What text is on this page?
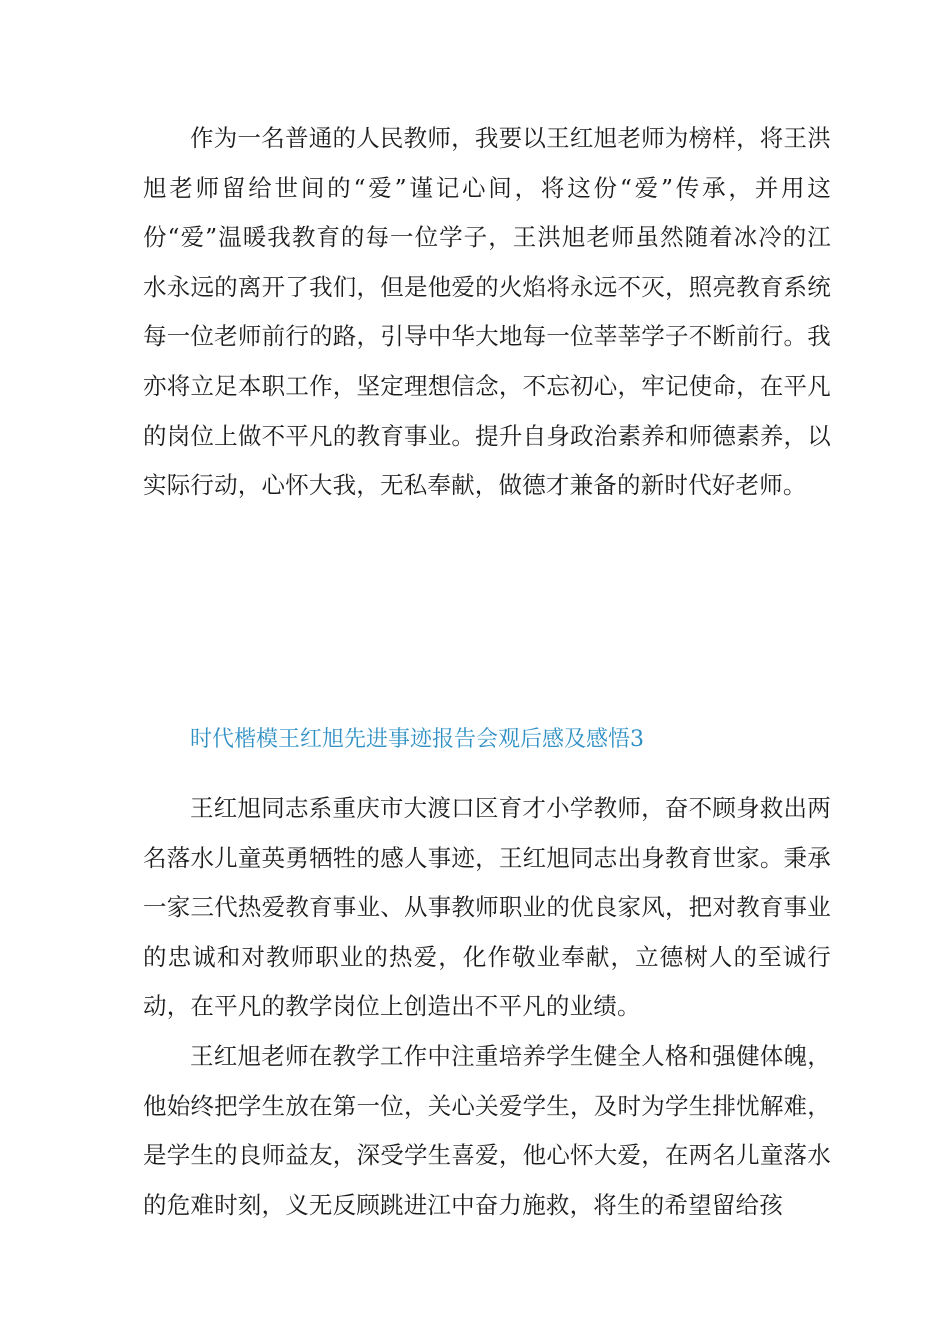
作为一名普通的人民教师，我要以王红旭老师为榜样，将王洪旭老师留给世间的“爱”谨记心间，将这份“爱”传承，并用这份“爱”温暖我教育的每一位学子，王洪旭老师虽然随着冰冷的江水永远的离开了我们，但是他爱的火焰将永远不灭，照亮教育系统每一位老师前行的路，引导中华大地每一位莘莘学子不断前行。我亦将立足本职工作，坚定理想信念，不忘初心，牢记使命，在平凡的岗位上做不平凡的教育事业。提升自身政治素养和师德素养，以实际行动，心怀大我，无私奉献，做德才兼备的新时代好老师。

时代楷模王红旭先进事迹报告会观后感及感悟3

王红旭同志系重庆市大渡口区育才小学教师，奋不顾身救出两名落水儿童英勇牺牲的感人事迹，王红旭同志出身教育世家。秉承一家三代热爱教育事业、从事教师职业的优良家风，把对教育事业的忠诚和对教师职业的热爱，化作敬业奉献，立德树人的至诚行动，在平凡的教学岗位上创造出不平凡的业绩。

王红旭老师在教学工作中注重培养学生健全人格和强健体魄，他始终把学生放在第一位，关心关爱学生，及时为学生排忧解难，是学生的良师益友，深受学生喜爱，他心怀大爱，在两名儿童落水的危难时刻，义无反顾跳进江中奋力施救，将生的希望留给孩
